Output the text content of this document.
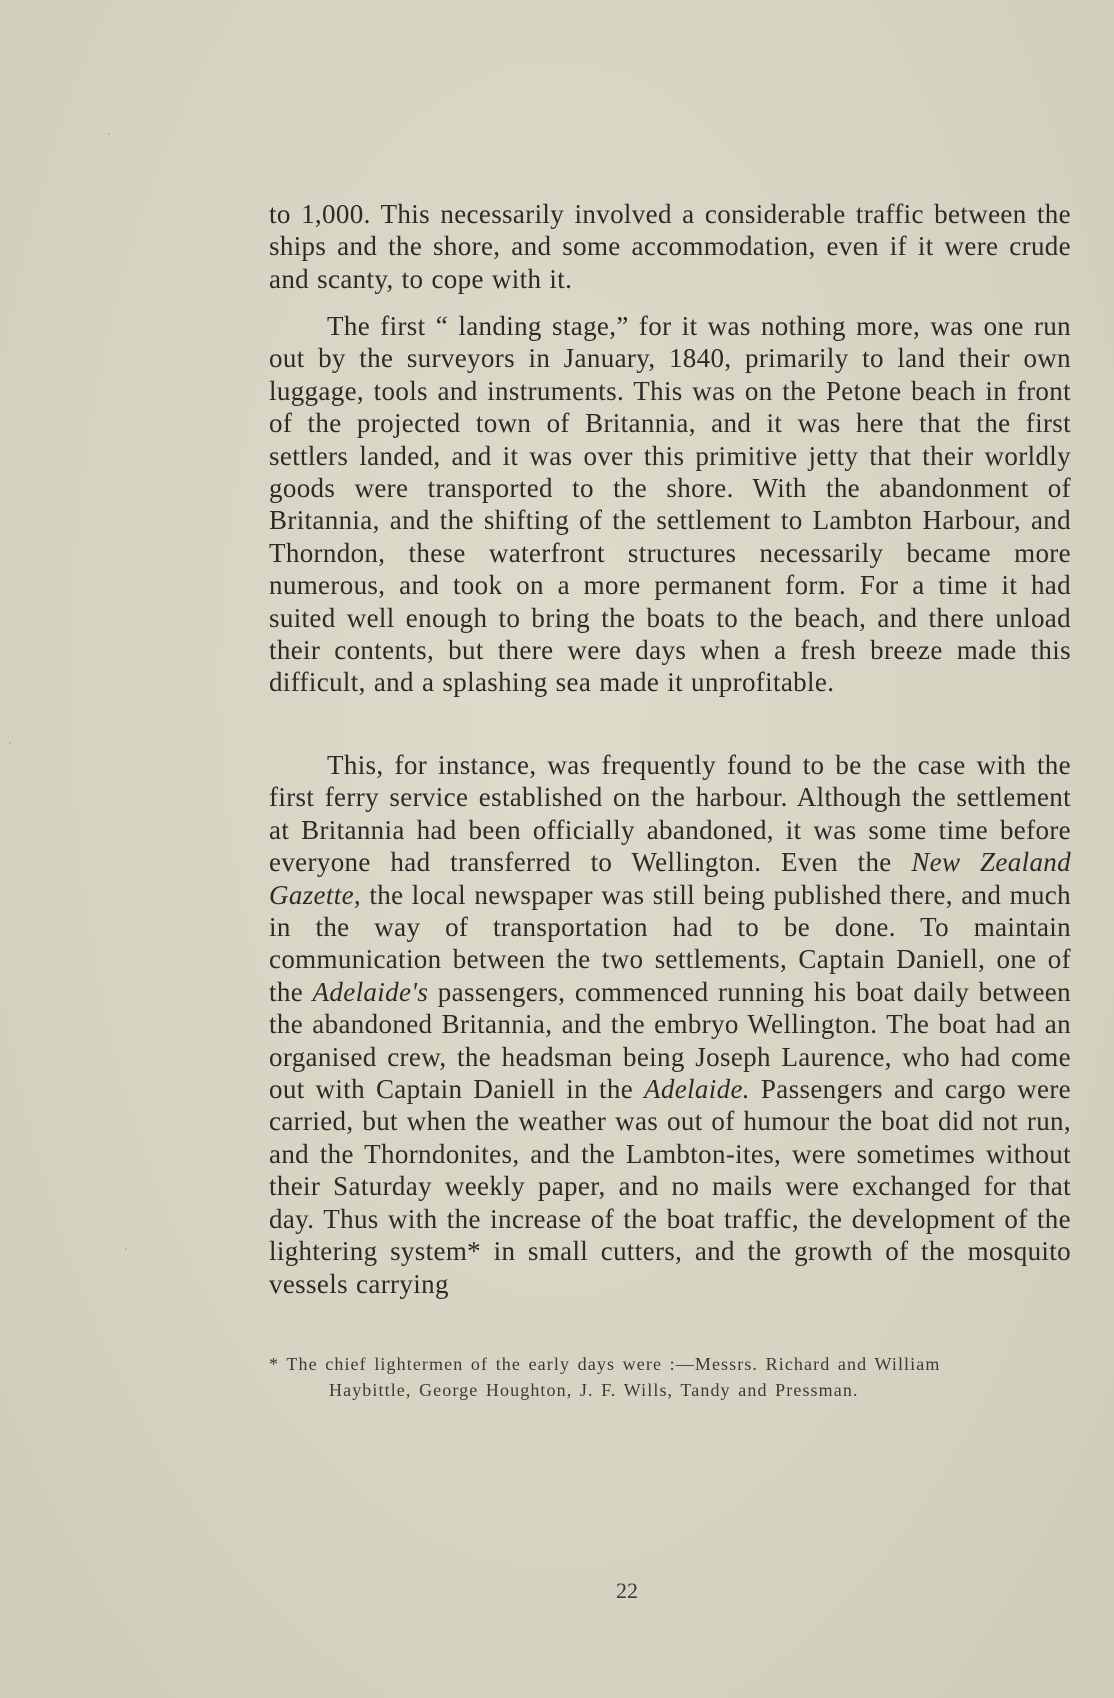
to 1,000. This necessarily involved a considerable traffic between the ships and the shore, and some accommodation, even if it were crude and scanty, to cope with it.

The first “ landing stage,” for it was nothing more, was one run out by the surveyors in January, 1840, primarily to land their own luggage, tools and instruments. This was on the Petone beach in front of the projected town of Britannia, and it was here that the first settlers landed, and it was over this primitive jetty that their worldly goods were transported to the shore. With the abandonment of Britannia, and the shifting of the settlement to Lambton Harbour, and Thorndon, these waterfront structures necessarily became more numerous, and took on a more permanent form. For a time it had suited well enough to bring the boats to the beach, and there unload their contents, but there were days when a fresh breeze made this difficult, and a splashing sea made it unprofitable.

This, for instance, was frequently found to be the case with the first ferry service established on the harbour. Although the settlement at Britannia had been officially abandoned, it was some time before everyone had transferred to Wellington. Even the New Zealand Gazette, the local newspaper was still being published there, and much in the way of transportation had to be done. To maintain communication between the two settlements, Captain Daniell, one of the Adelaide's passengers, commenced running his boat daily between the abandoned Britannia, and the embryo Wellington. The boat had an organised crew, the headsman being Joseph Laurence, who had come out with Captain Daniell in the Adelaide. Passengers and cargo were carried, but when the weather was out of humour the boat did not run, and the Thorndonites, and the Lambton-ites, were sometimes without their Saturday weekly paper, and no mails were exchanged for that day. Thus with the increase of the boat traffic, the development of the lightering system* in small cutters, and the growth of the mosquito vessels carrying

* The chief lightermen of the early days were :—Messrs. Richard and William
Haybittle, George Houghton, J. F. Wills, Tandy and Pressman.
22
